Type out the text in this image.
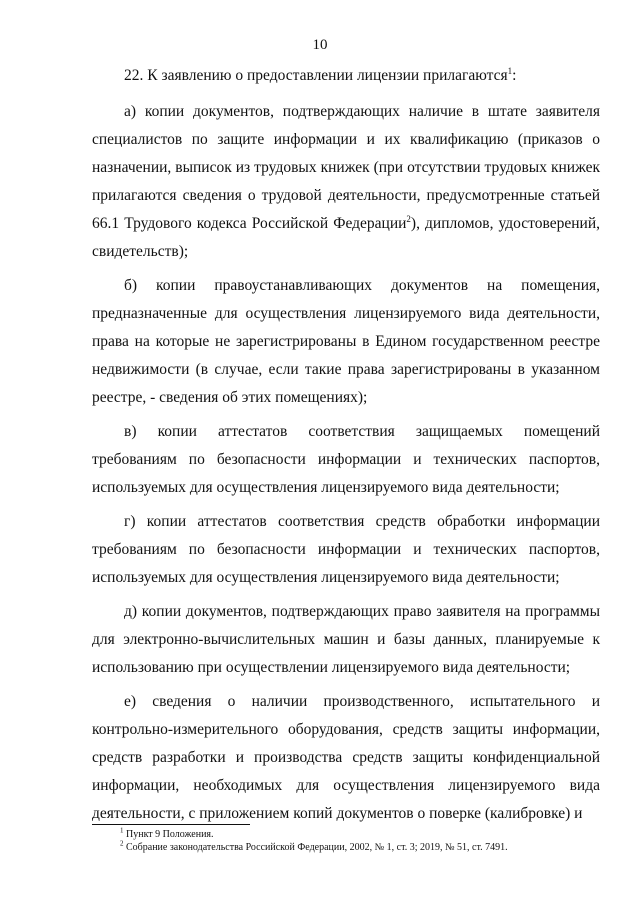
10

22. К заявлению о предоставлении лицензии прилагаются$^1$:

а) копии документов, подтверждающих наличие в штате заявителя специалистов по защите информации и их квалификацию (приказов о назначении, выписок из трудовых книжек (при отсутствии трудовых книжек прилагаются сведения о трудовой деятельности, предусмотренные статьей 66.1 Трудового кодекса Российской Федерации$^2$), дипломов, удостоверений, свидетельств);

б) копии правоустанавливающих документов на помещения, предназначенные для осуществления лицензируемого вида деятельности, права на которые не зарегистрированы в Едином государственном реестре недвижимости (в случае, если такие права зарегистрированы в указанном реестре, - сведения об этих помещениях);

в) копии аттестатов соответствия защищаемых помещений требованиям по безопасности информации и технических паспортов, используемых для осуществления лицензируемого вида деятельности;

г) копии аттестатов соответствия средств обработки информации требованиям по безопасности информации и технических паспортов, используемых для осуществления лицензируемого вида деятельности;

д) копии документов, подтверждающих право заявителя на программы для электронно-вычислительных машин и базы данных, планируемые к использованию при осуществлении лицензируемого вида деятельности;

е) сведения о наличии производственного, испытательного и контрольно-измерительного оборудования, средств защиты информации, средств разработки и производства средств защиты конфиденциальной информации, необходимых для осуществления лицензируемого вида деятельности, с приложением копий документов о поверке (калибровке) и

$^1$ Пункт 9 Положения.

$^2$ Собрание законодательства Российской Федерации, 2002, № 1, ст. 3; 2019, № 51, ст. 7491.
